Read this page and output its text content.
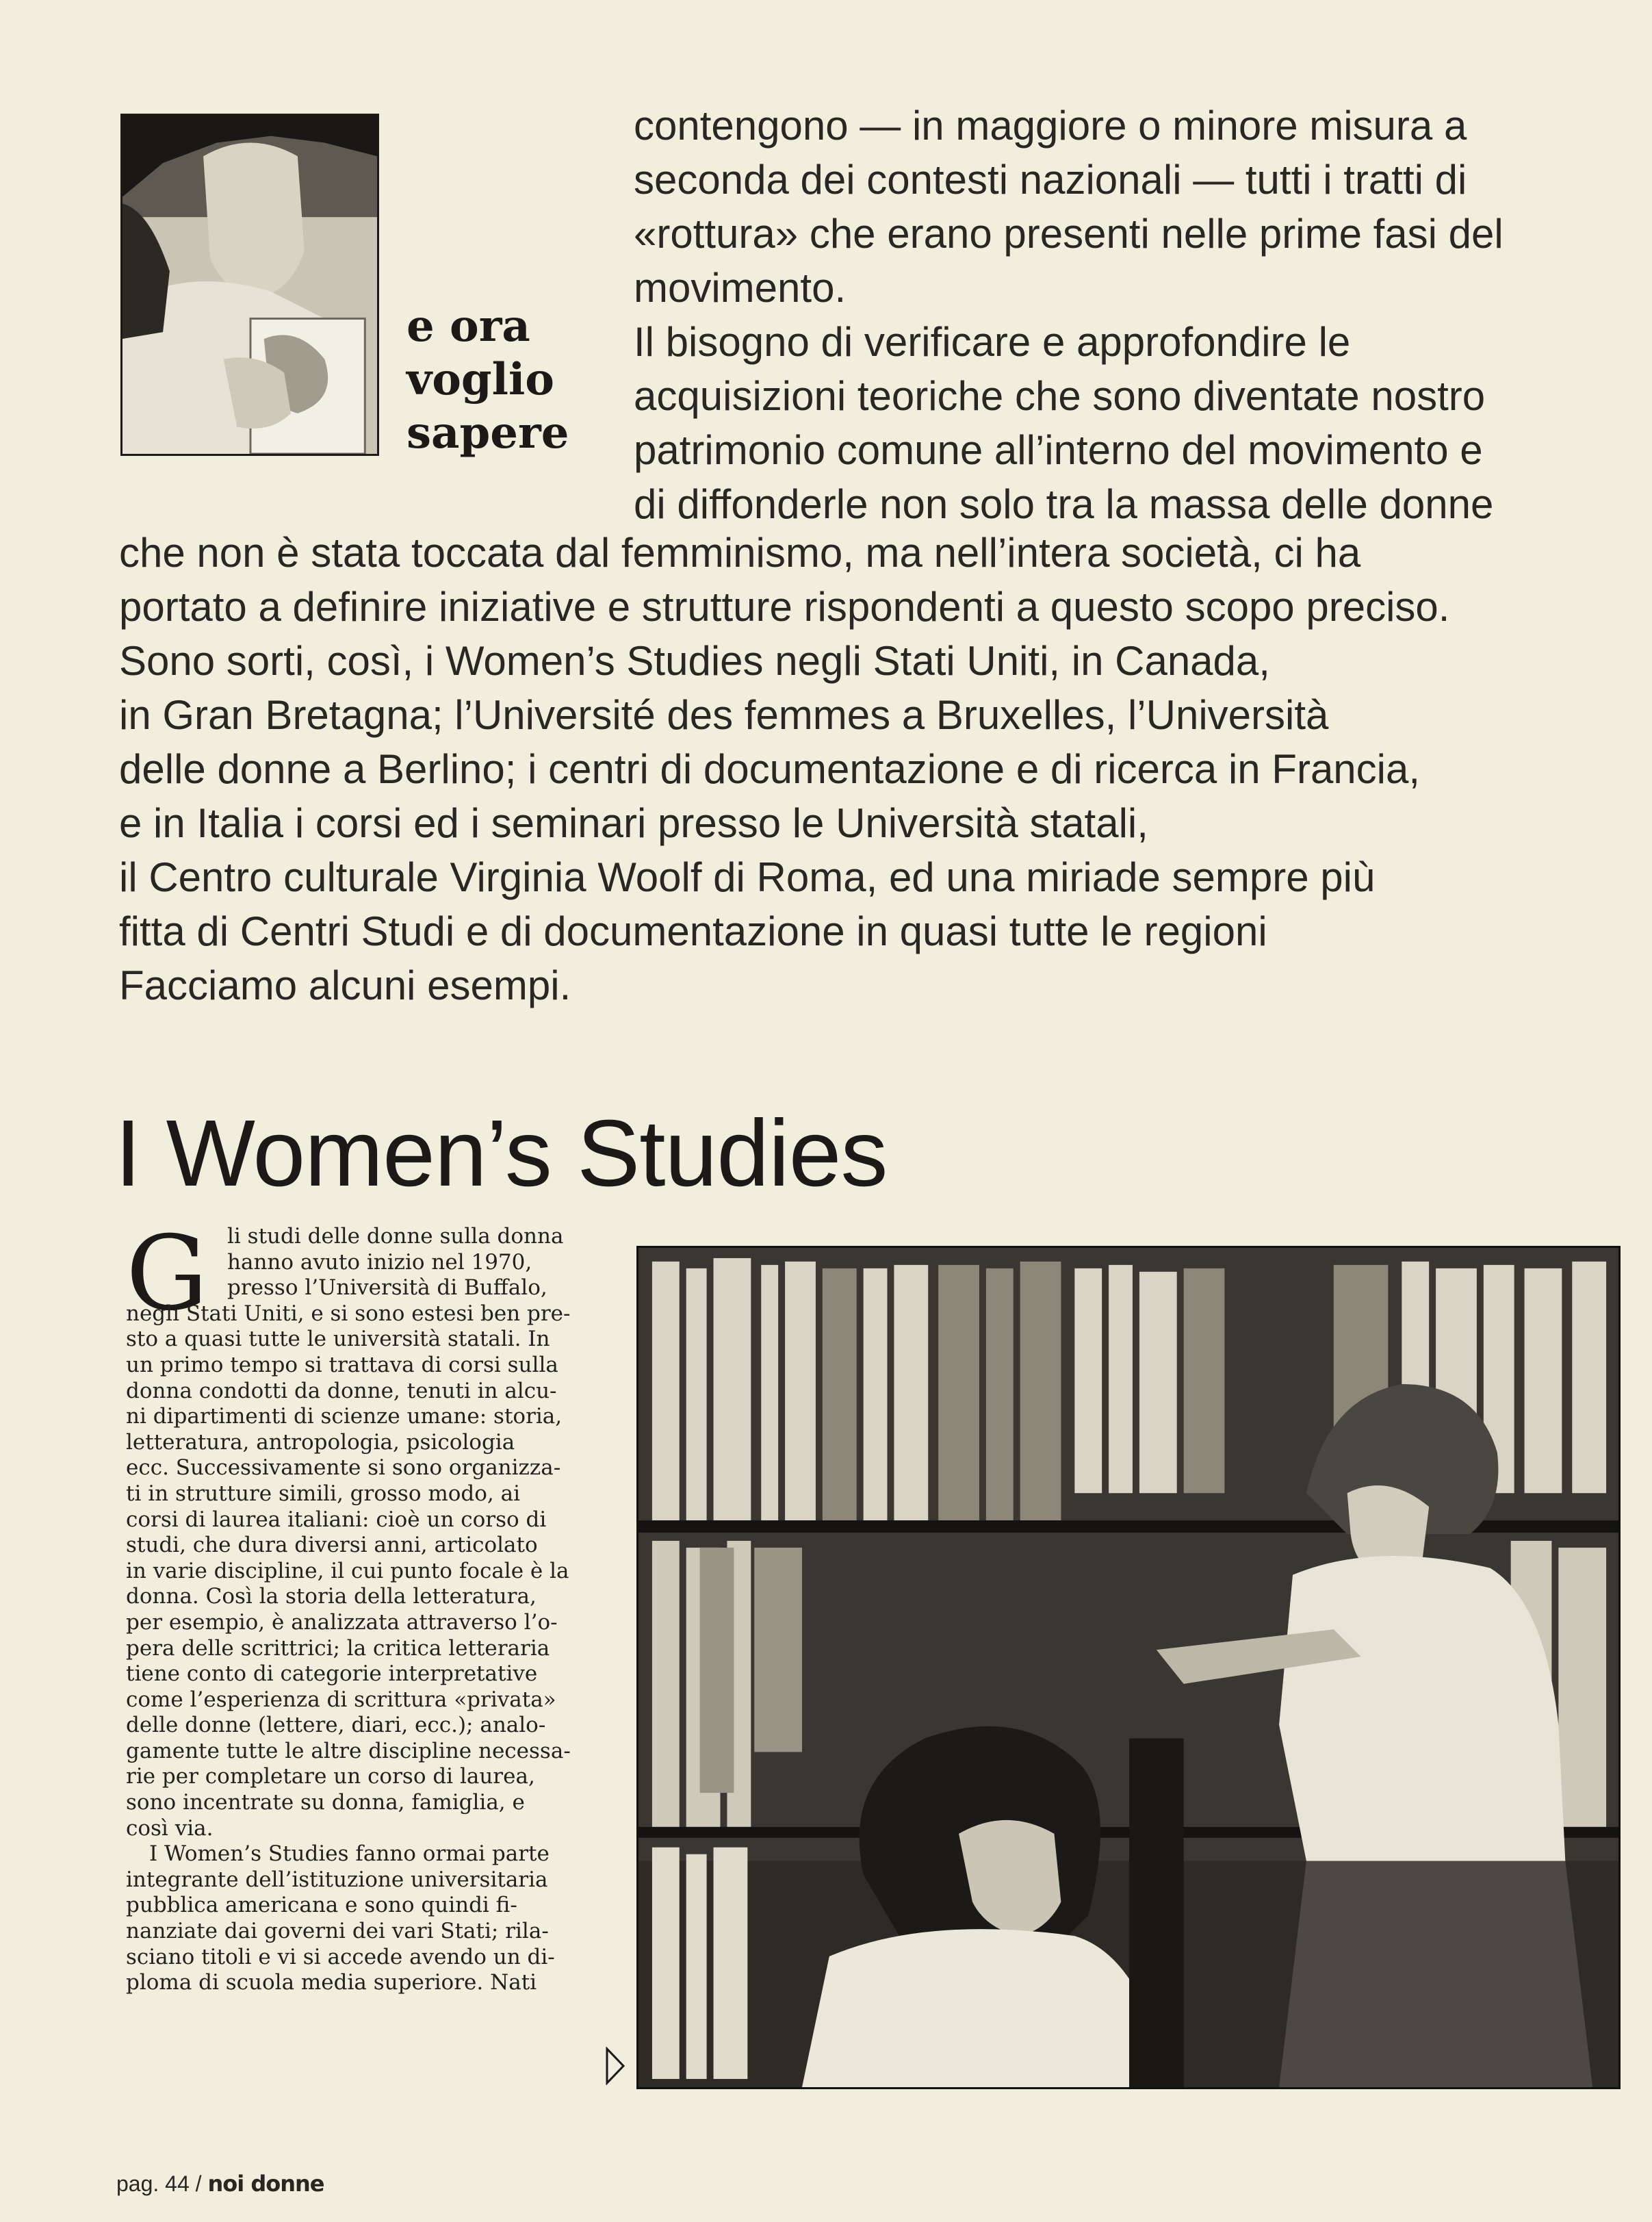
e ora
voglio
sapere
contengono — in maggiore o minore misura a
seconda dei contesti nazionali — tutti i tratti di
«rottura» che erano presenti nelle prime fasi del
movimento.
Il bisogno di verificare e approfondire le
acquisizioni teoriche che sono diventate nostro
patrimonio comune all’interno del movimento e
di diffonderle non solo tra la massa delle donne
che non è stata toccata dal femminismo, ma nell’intera società, ci ha
portato a definire iniziative e strutture rispondenti a questo scopo preciso.
Sono sorti, così, i Women’s Studies negli Stati Uniti, in Canada,
in Gran Bretagna; l’Université des femmes a Bruxelles, l’Università
delle donne a Berlino; i centri di documentazione e di ricerca in Francia,
e in Italia i corsi ed i seminari presso le Università statali,
il Centro culturale Virginia Woolf di Roma, ed una miriade sempre più
fitta di Centri Studi e di documentazione in quasi tutte le regioni
Facciamo alcuni esempi.
I Women’s Studies
G li studi delle donne sulla donna
hanno avuto inizio nel 1970,
presso l’Università di Buffalo,
negli Stati Uniti, e si sono estesi ben pre-
sto a quasi tutte le università statali. In
un primo tempo si trattava di corsi sulla
donna condotti da donne, tenuti in alcu-
ni dipartimenti di scienze umane: storia,
letteratura, antropologia, psicologia
ecc. Successivamente si sono organizza-
ti in strutture simili, grosso modo, ai
corsi di laurea italiani: cioè un corso di
studi, che dura diversi anni, articolato
in varie discipline, il cui punto focale è la
donna. Così la storia della letteratura,
per esempio, è analizzata attraverso l’o-
pera delle scrittrici; la critica letteraria
tiene conto di categorie interpretative
come l’esperienza di scrittura «privata»
delle donne (lettere, diari, ecc.); analo-
gamente tutte le altre discipline necessa-
rie per completare un corso di laurea,
sono incentrate su donna, famiglia, e
così via.
I Women’s Studies fanno ormai parte
integrante dell’istituzione universitaria
pubblica americana e sono quindi fi-
nanziate dai governi dei vari Stati; rila-
sciano titoli e vi si accede avendo un di-
ploma di scuola media superiore. Nati
pag. 44 / noi donne
